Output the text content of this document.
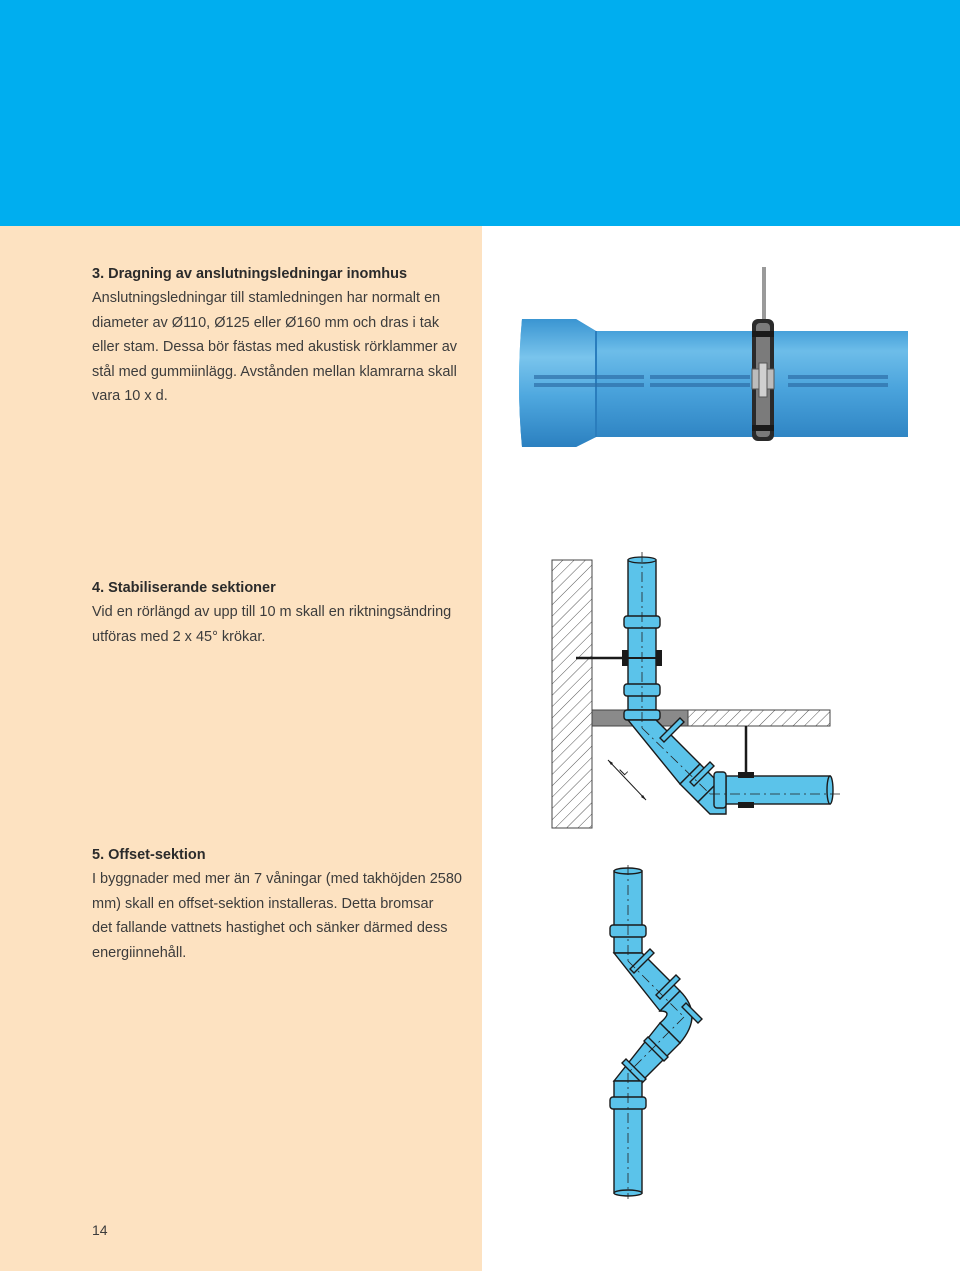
3. Dragning av anslutningsledningar inomhus

Anslutningsledningar till stamledningen har normalt en

diameter av Ø110, Ø125 eller Ø160 mm och dras i tak

eller stam. Dessa bör fästas med akustisk rörklammer av

stål med gummiinlägg. Avstånden mellan klamrarna skall

vara 10 x d.

4. Stabiliserande sektioner

Vid en rörlängd av upp till 10 m skall en riktningsändring

utföras med 2 x 45° krökar.

5. Offset-sektion

I byggnader med mer än 7 våningar (med takhöjden 2580

mm) skall en offset-sektion installeras. Detta bromsar

det fallande vattnets hastighet och sänker därmed dess

energiinnehåll.

14
L
